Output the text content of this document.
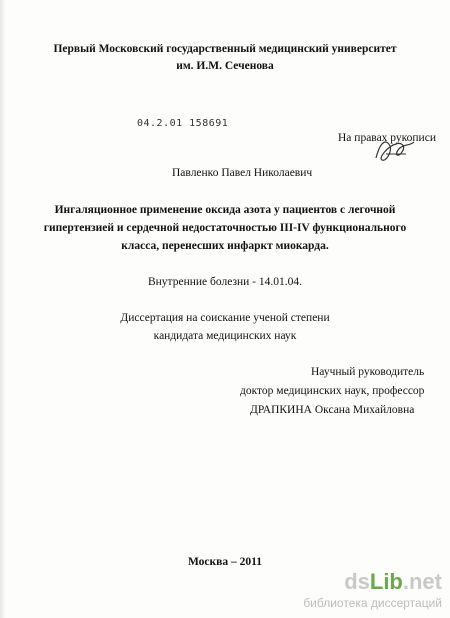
Первый Московский государственный медицинский университет
им. И.М. Сеченова
04.2.01 158691
На правах рукописи
Павленко Павел Николаевич
Ингаляционное применение оксида азота у пациентов с легочной
гипертензией и сердечной недостаточностью III-IV функционального
класса, перенесших инфаркт миокарда.
Внутренние болезни - 14.01.04.
Диссертация на соискание ученой степени
кандидата медицинских наук
Научный руководитель
доктор медицинских наук, профессор
ДРАПКИНА Оксана Михайловна
Москва – 2011
dsLib.net
библиотека диссертаций
